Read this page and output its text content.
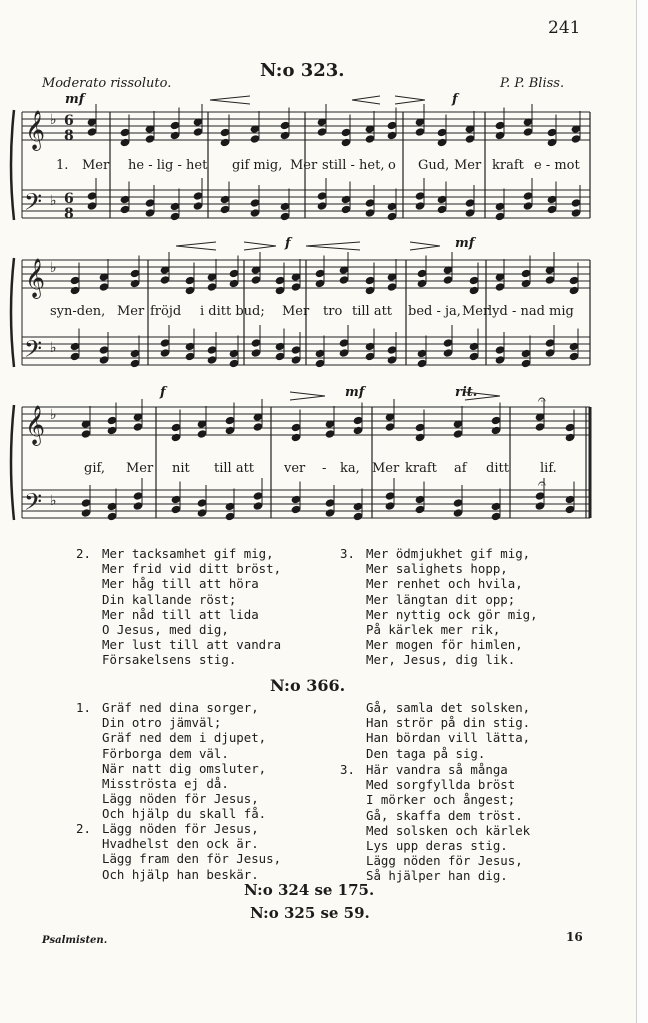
241
N:o 323.
Moderato rissoluto.	P. P. Bliss.
mf	f
f	mf
f	mf	rit.
𝄞
𝄢
𝄞
𝄢
𝄞
𝄢
♭
♭
♭
♭
♭
♭
6
8
6
8
𝄐
𝄐
1. Mer he - lig - het gif mig, Mer still - het, o Gud, Mer kraft e - mot
syn-den, Mer fröjd i ditt bud; Mer tro till att bed - ja, Mer
lyd - nad mig
gif, Mer nit till att ver - ka, Mer kraft af ditt lif.
2. Mer tacksamhet gif mig,
Mer frid vid ditt bröst,
Mer håg till att höra
Din kallande röst;
Mer nåd till att lida
O Jesus, med dig,
Mer lust till att vandra
Försakelsens stig.
3. Mer ödmjukhet gif mig,
Mer salighets hopp,
Mer renhet och hvila,
Mer längtan dit opp;
Mer nyttig ock gör mig,
På kärlek mer rik,
Mer mogen för himlen,
Mer, Jesus, dig lik.
N:o 366.
1. Gräf ned dina sorger,
Din otro jämväl;
Gräf ned dem i djupet,
Förborga dem väl.
När natt dig omsluter,
Misströsta ej då.
Lägg nöden för Jesus,
Och hjälp du skall få.
2. Lägg nöden för Jesus,
Hvadhelst den ock är.
Lägg fram den för Jesus,
Och hjälp han beskär.
Gå, samla det solsken,
Han strör på din stig.
Han bördan vill lätta,
Den taga på sig.
3. Här vandra så många
Med sorgfyllda bröst
I mörker och ångest;
Gå, skaffa dem tröst.
Med solsken och kärlek
Lys upp deras stig.
Lägg nöden för Jesus,
Så hjälper han dig.
N:o 324 se 175.
N:o 325 se 59.
Psalmisten.	16
